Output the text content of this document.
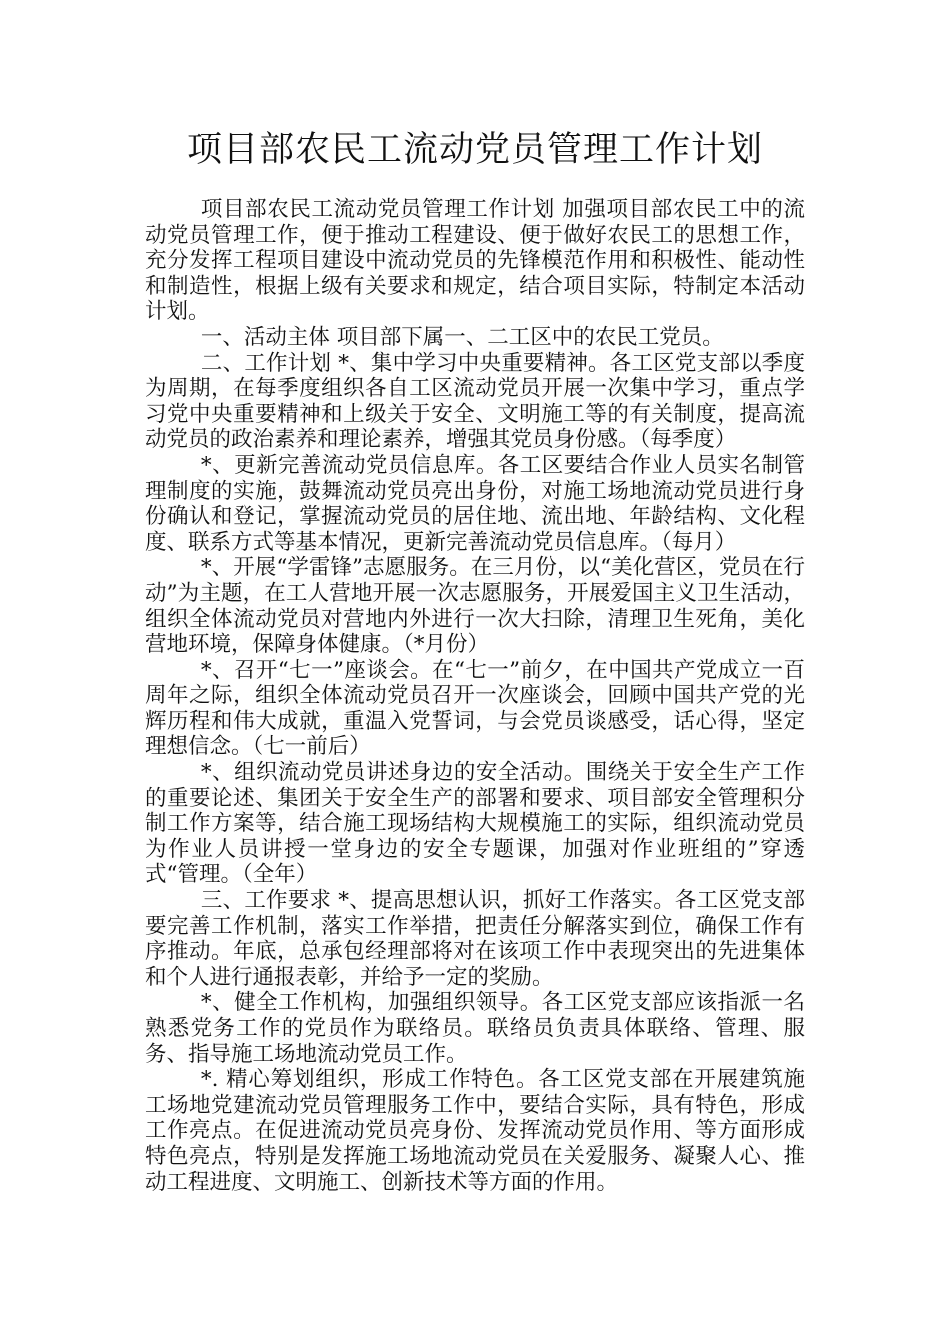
项目部农民工流动党员管理工作计划

项目部农民工流动党员管理工作计划 加强项目部农民工中的流动党员管理工作，便于推动工程建设、便于做好农民工的思想工作，充分发挥工程项目建设中流动党员的先锋模范作用和积极性、能动性和制造性，根据上级有关要求和规定，结合项目实际，特制定本活动计划。

一、活动主体 项目部下属一、二工区中的农民工党员。

二、工作计划 *、集中学习中央重要精神。各工区党支部以季度为周期，在每季度组织各自工区流动党员开展一次集中学习，重点学习党中央重要精神和上级关于安全、文明施工等的有关制度，提高流动党员的政治素养和理论素养，增强其党员身份感。（每季度）

*、更新完善流动党员信息库。各工区要结合作业人员实名制管理制度的实施，鼓舞流动党员亮出身份，对施工场地流动党员进行身份确认和登记，掌握流动党员的居住地、流出地、年龄结构、文化程度、联系方式等基本情况，更新完善流动党员信息库。（每月）

*、开展“学雷锋”志愿服务。在三月份，以“美化营区，党员在行动”为主题，在工人营地开展一次志愿服务，开展爱国主义卫生活动，组织全体流动党员对营地内外进行一次大扫除，清理卫生死角，美化营地环境，保障身体健康。（*月份）

*、召开“七一”座谈会。在“七一”前夕，在中国共产党成立一百周年之际，组织全体流动党员召开一次座谈会，回顾中国共产党的光辉历程和伟大成就，重温入党誓词，与会党员谈感受，话心得，坚定理想信念。（七一前后）

*、组织流动党员讲述身边的安全活动。围绕关于安全生产工作的重要论述、集团关于安全生产的部署和要求、项目部安全管理积分制工作方案等，结合施工现场结构大规模施工的实际，组织流动党员为作业人员讲授一堂身边的安全专题课，加强对作业班组的”穿透式“管理。（全年）

三、工作要求 *、提高思想认识，抓好工作落实。各工区党支部要完善工作机制，落实工作举措，把责任分解落实到位，确保工作有序推动。年底，总承包经理部将对在该项工作中表现突出的先进集体和个人进行通报表彰，并给予一定的奖励。

*、健全工作机构，加强组织领导。各工区党支部应该指派一名熟悉党务工作的党员作为联络员。联络员负责具体联络、管理、服务、指导施工场地流动党员工作。

*. 精心筹划组织，形成工作特色。各工区党支部在开展建筑施工场地党建流动党员管理服务工作中，要结合实际，具有特色，形成工作亮点。在促进流动党员亮身份、发挥流动党员作用、等方面形成特色亮点，特别是发挥施工场地流动党员在关爱服务、凝聚人心、推动工程进度、文明施工、创新技术等方面的作用。
